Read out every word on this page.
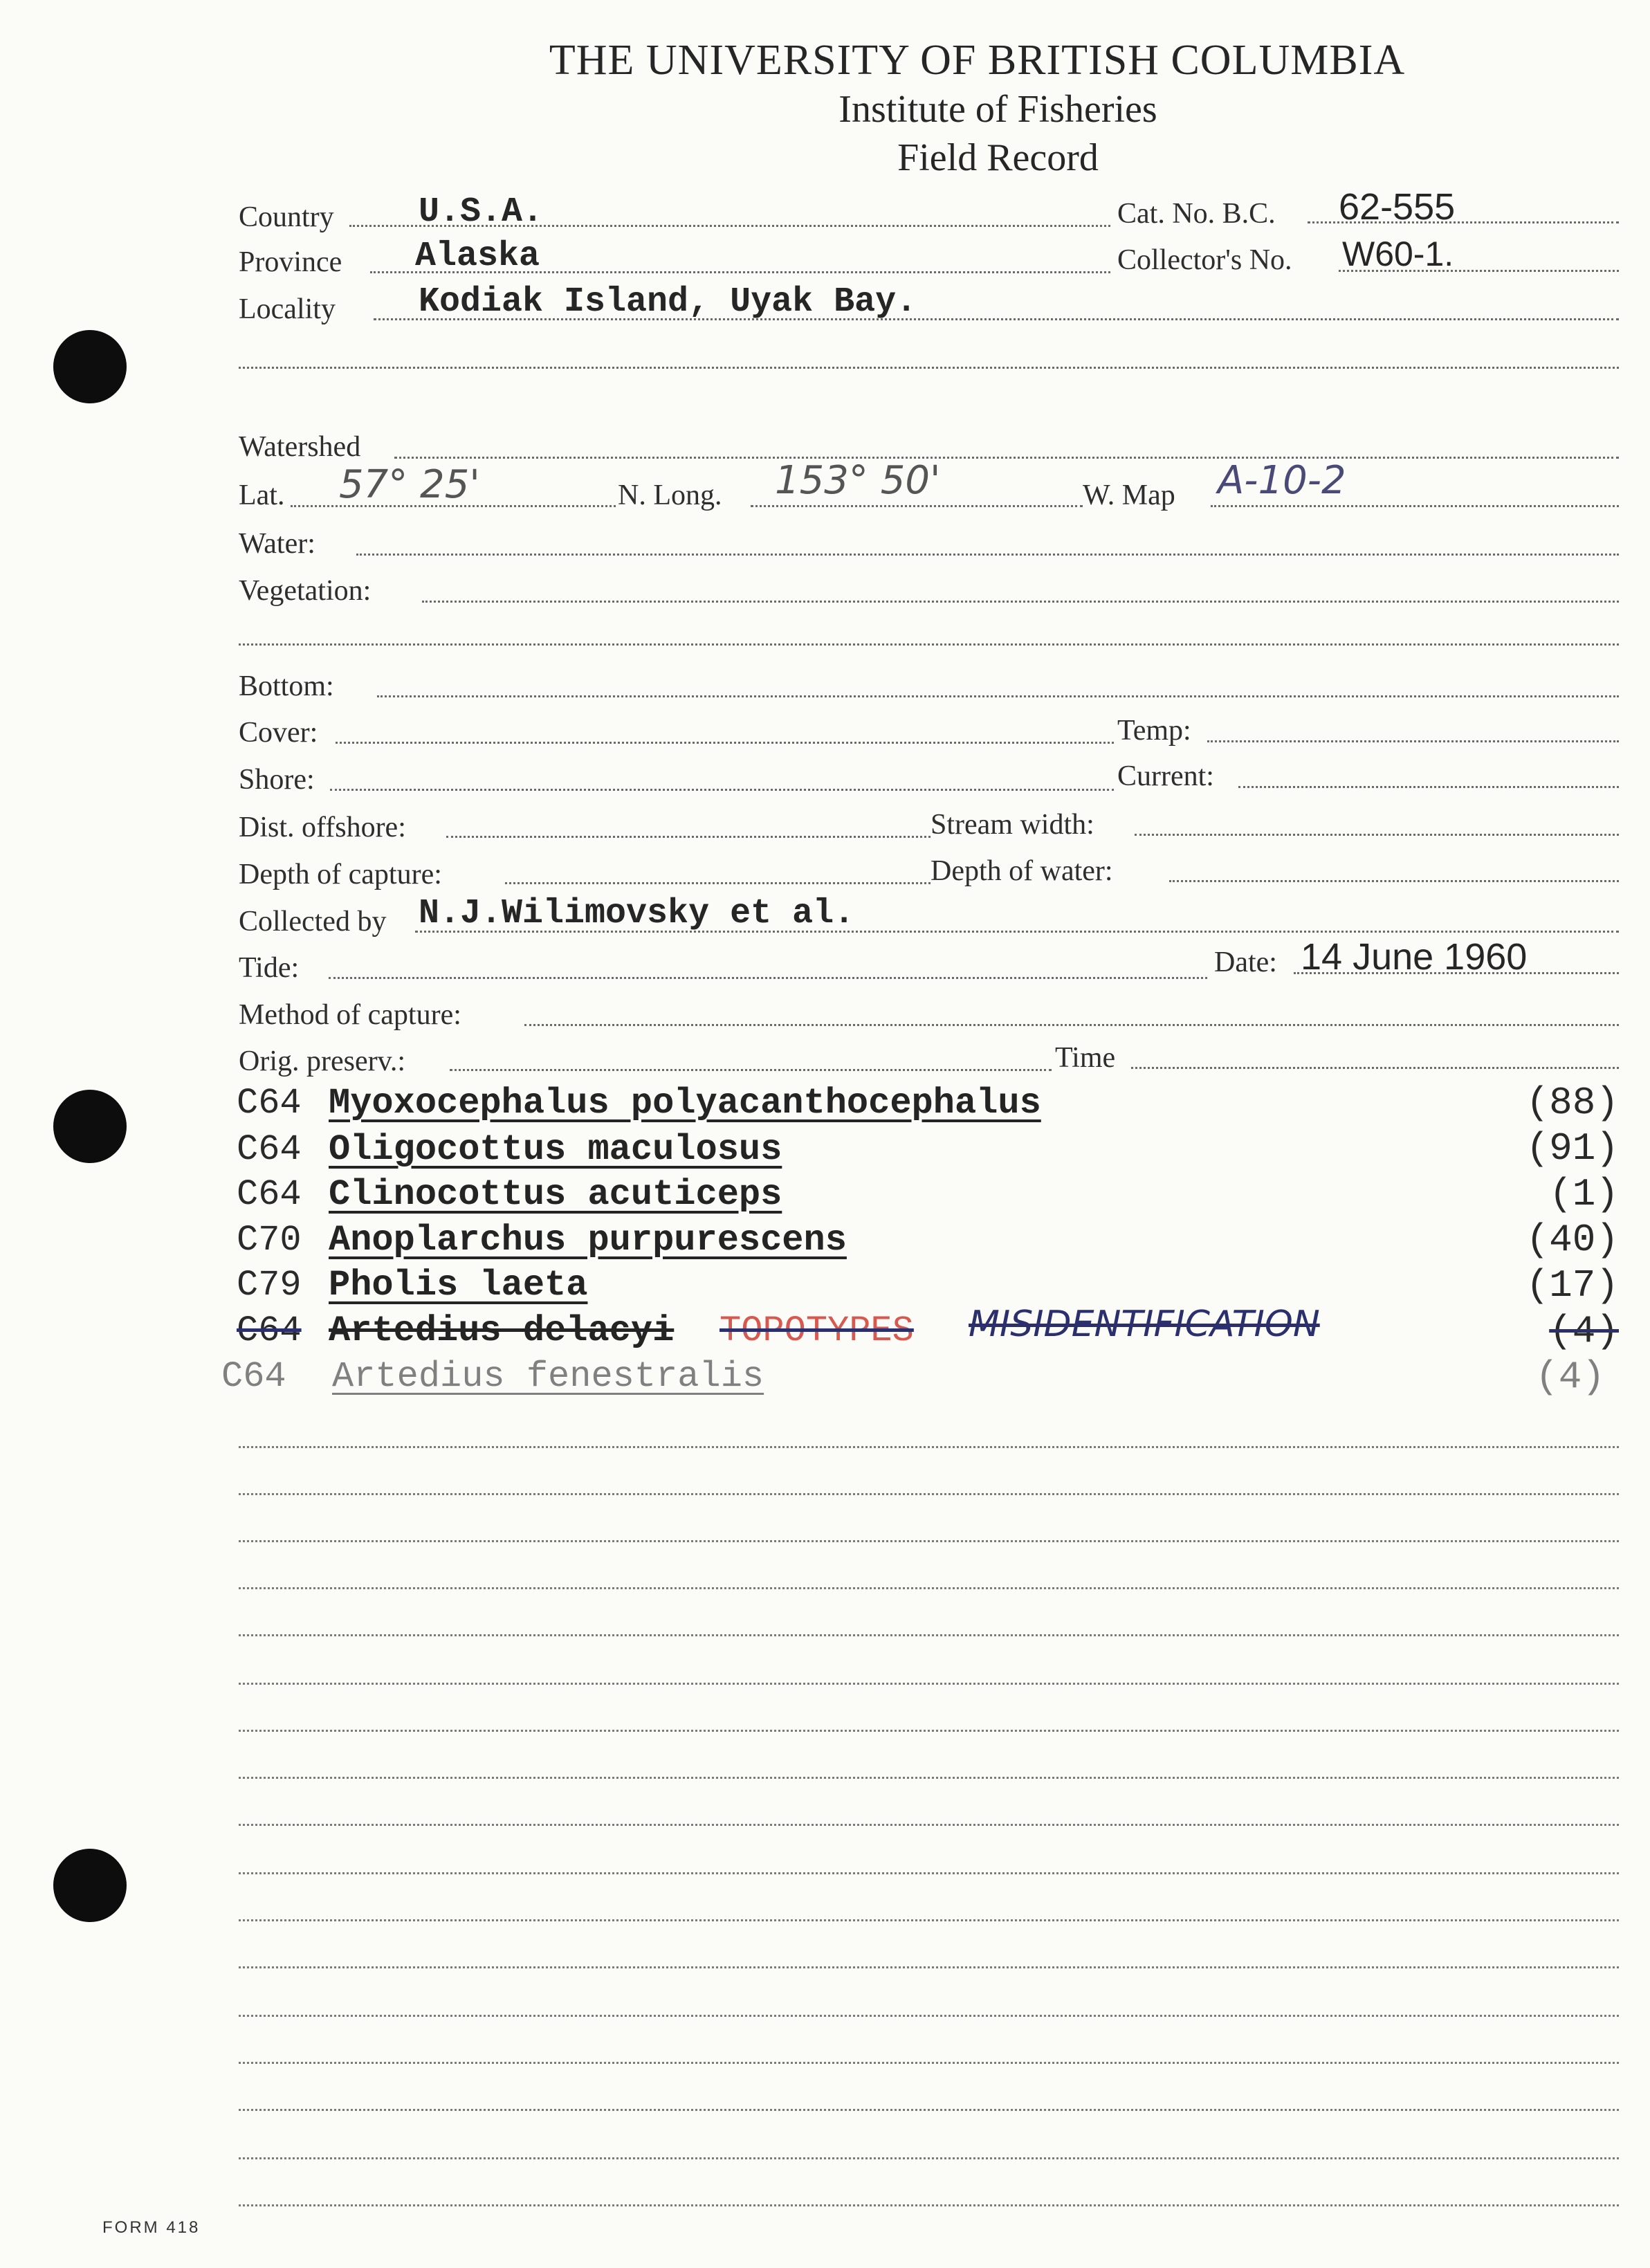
THE UNIVERSITY OF BRITISH COLUMBIA
Institute of Fisheries
Field Record
Country U.S.A.	Cat. No. B.C. 62-555
Province Alaska	Collector's No. W60-1.
Locality Kodiak Island, Uyak Bay.
Watershed
Lat. 57° 25'	N. Long. 153° 50'	W. Map A-10-2
Water:
Vegetation:
Bottom:
Cover:	Temp:
Shore:	Current:
Dist. offshore:	Stream width:
Depth of capture:	Depth of water:
Collected by N.J.Wilimovsky et al.
Tide:	Date: 14 June 1960
Method of capture:
Orig. preserv.:	Time
C64 Myoxocephalus polyacanthocephalus	(88)
C64 Oligocottus maculosus	(91)
C64 Clinocottus acuticeps	(1)
C70 Anoplarchus purpurescens	(40)
C79 Pholis laeta	(17)
C64 Artedius delacyi TOPOTYPES MISIDENTIFICATION	(4)
C64 Artedius fenestralis	(4)
FORM 418
